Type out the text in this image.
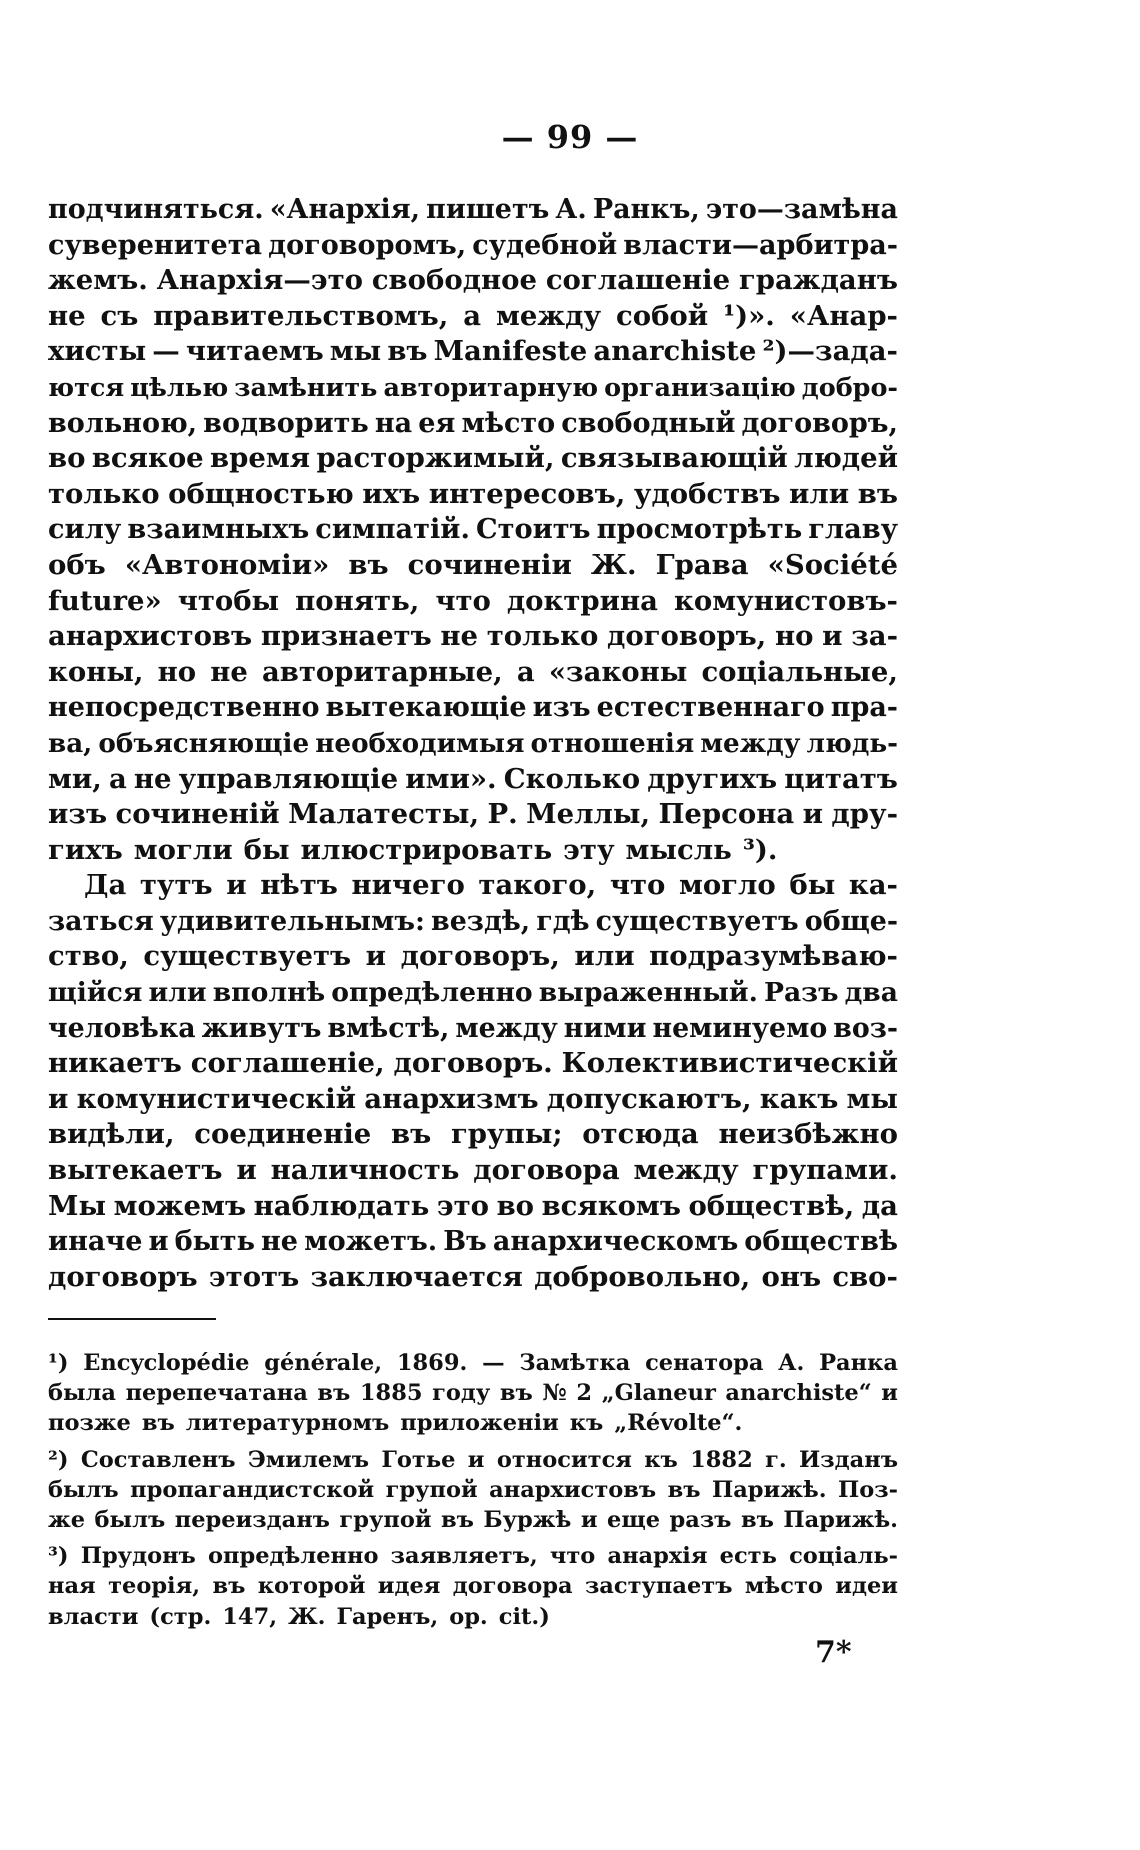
— 99 —
подчиняться. «Анархія, пишетъ А. Ранкъ, это—замѣна
суверенитета договоромъ, судебной власти—арбитра-
жемъ. Анархія—это свободное соглашеніе гражданъ
не съ правительствомъ, а между собой ¹)». «Анар-
хисты — читаемъ мы въ Manifeste anarchiste ²)—зада-
ются цѣлью замѣнить авторитарную организацію добро-
вольною, водворить на ея мѣсто свободный договоръ,
во всякое время расторжимый, связывающій людей
только общностью ихъ интересовъ, удобствъ или въ
силу взаимныхъ симпатій. Стоитъ просмотрѣть главу
объ «Автономіи» въ сочиненіи Ж. Грава «Société
future» чтобы понять, что доктрина комунистовъ-
анархистовъ признаетъ не только договоръ, но и за-
коны, но не авторитарные, а «законы соціальные,
непосредственно вытекающіе изъ естественнаго пра-
ва, объясняющіе необходимыя отношенія между людь-
ми, а не управляющіе ими». Сколько другихъ цитатъ
изъ сочиненій Малатесты, Р. Меллы, Персона и дру-
гихъ могли бы илюстрировать эту мысль ³).
Да тутъ и нѣтъ ничего такого, что могло бы ка-
заться удивительнымъ: вездѣ, гдѣ существуетъ обще-
ство, существуетъ и договоръ, или подразумѣваю-
щійся или вполнѣ опредѣленно выраженный. Разъ два
человѣка живутъ вмѣстѣ, между ними неминуемо воз-
никаетъ соглашеніе, договоръ. Колективистическій
и комунистическій анархизмъ допускаютъ, какъ мы
видѣли, соединеніе въ групы; отсюда неизбѣжно
вытекаетъ и наличность договора между групами.
Мы можемъ наблюдать это во всякомъ обществѣ, да
иначе и быть не можетъ. Въ анархическомъ обществѣ
договоръ этотъ заключается добровольно, онъ сво-
¹) Encyclopédie générale, 1869. — Замѣтка сенатора А. Ранка
была перепечатана въ 1885 году въ № 2 „Glaneur anarchiste“ и
позже въ литературномъ приложеніи къ „Révolte“.
²) Составленъ Эмилемъ Готье и относится къ 1882 г. Изданъ
былъ пропагандистской групой анархистовъ въ Парижѣ. Поз-
же былъ переизданъ групой въ Буржѣ и еще разъ въ Парижѣ.
³) Прудонъ опредѣленно заявляетъ, что анархія есть соціаль-
ная теорія, въ которой идея договора заступаетъ мѣсто идеи
власти (стр. 147, Ж. Гаренъ, op. cit.)
7*
